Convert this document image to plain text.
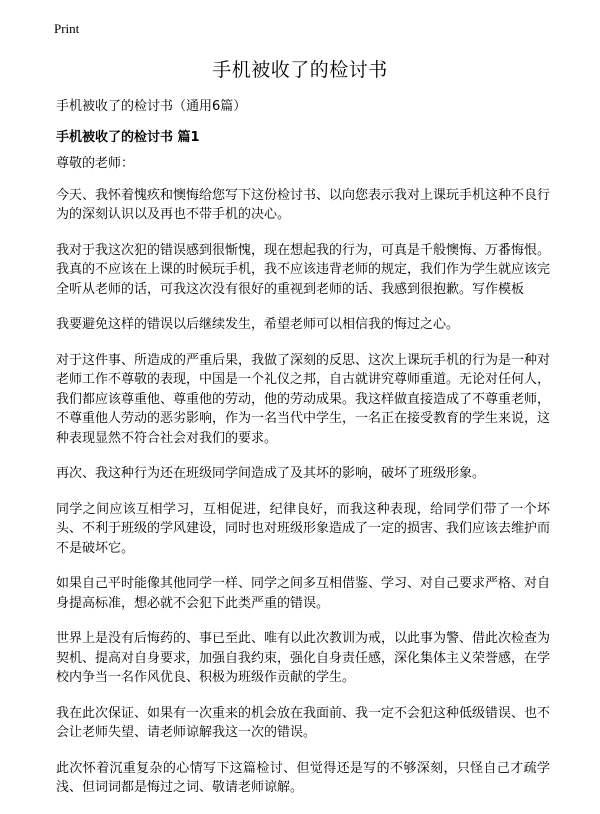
Print
手机被收了的检讨书

手机被收了的检讨书（通用6篇）

手机被收了的检讨书 篇1

尊敬的老师：

今天、我怀着愧疚和懊悔给您写下这份检讨书、以向您表示我对上课玩手机这种不良行为的深刻认识以及再也不带手机的决心。

我对于我这次犯的错误感到很惭愧，现在想起我的行为，可真是千般懊悔、万番悔恨。我真的不应该在上课的时候玩手机，我不应该违背老师的规定，我们作为学生就应该完全听从老师的话，可我这次没有很好的重视到老师的话、我感到很抱歉。写作模板

我要避免这样的错误以后继续发生，希望老师可以相信我的悔过之心。

对于这件事、所造成的严重后果，我做了深刻的反思、这次上课玩手机的行为是一种对老师工作不尊敬的表现，中国是一个礼仪之邦，自古就讲究尊师重道。无论对任何人，我们都应该尊重他、尊重他的劳动，他的劳动成果。我这样做直接造成了不尊重老师，不尊重他人劳动的恶劣影响，作为一名当代中学生，一名正在接受教育的学生来说，这种表现显然不符合社会对我们的要求。

再次、我这种行为还在班级同学间造成了及其坏的影响，破坏了班级形象。

同学之间应该互相学习，互相促进，纪律良好，而我这种表现，给同学们带了一个坏头、不利于班级的学风建设，同时也对班级形象造成了一定的损害、我们应该去维护而不是破坏它。

如果自己平时能像其他同学一样、同学之间多互相借鉴、学习、对自己要求严格、对自身提高标准，想必就不会犯下此类严重的错误。

世界上是没有后悔药的、事已至此、唯有以此次教训为戒，以此事为警、借此次检查为契机、提高对自身要求，加强自我约束，强化自身责任感，深化集体主义荣誉感，在学校内争当一名作风优良、积极为班级作贡献的学生。

我在此次保证、如果有一次重来的机会放在我面前、我一定不会犯这种低级错误、也不会让老师失望、请老师谅解我这一次的错误。

此次怀着沉重复杂的心情写下这篇检讨、但觉得还是写的不够深刻，只怪自己才疏学浅、但词词都是悔过之词、敬请老师谅解。
